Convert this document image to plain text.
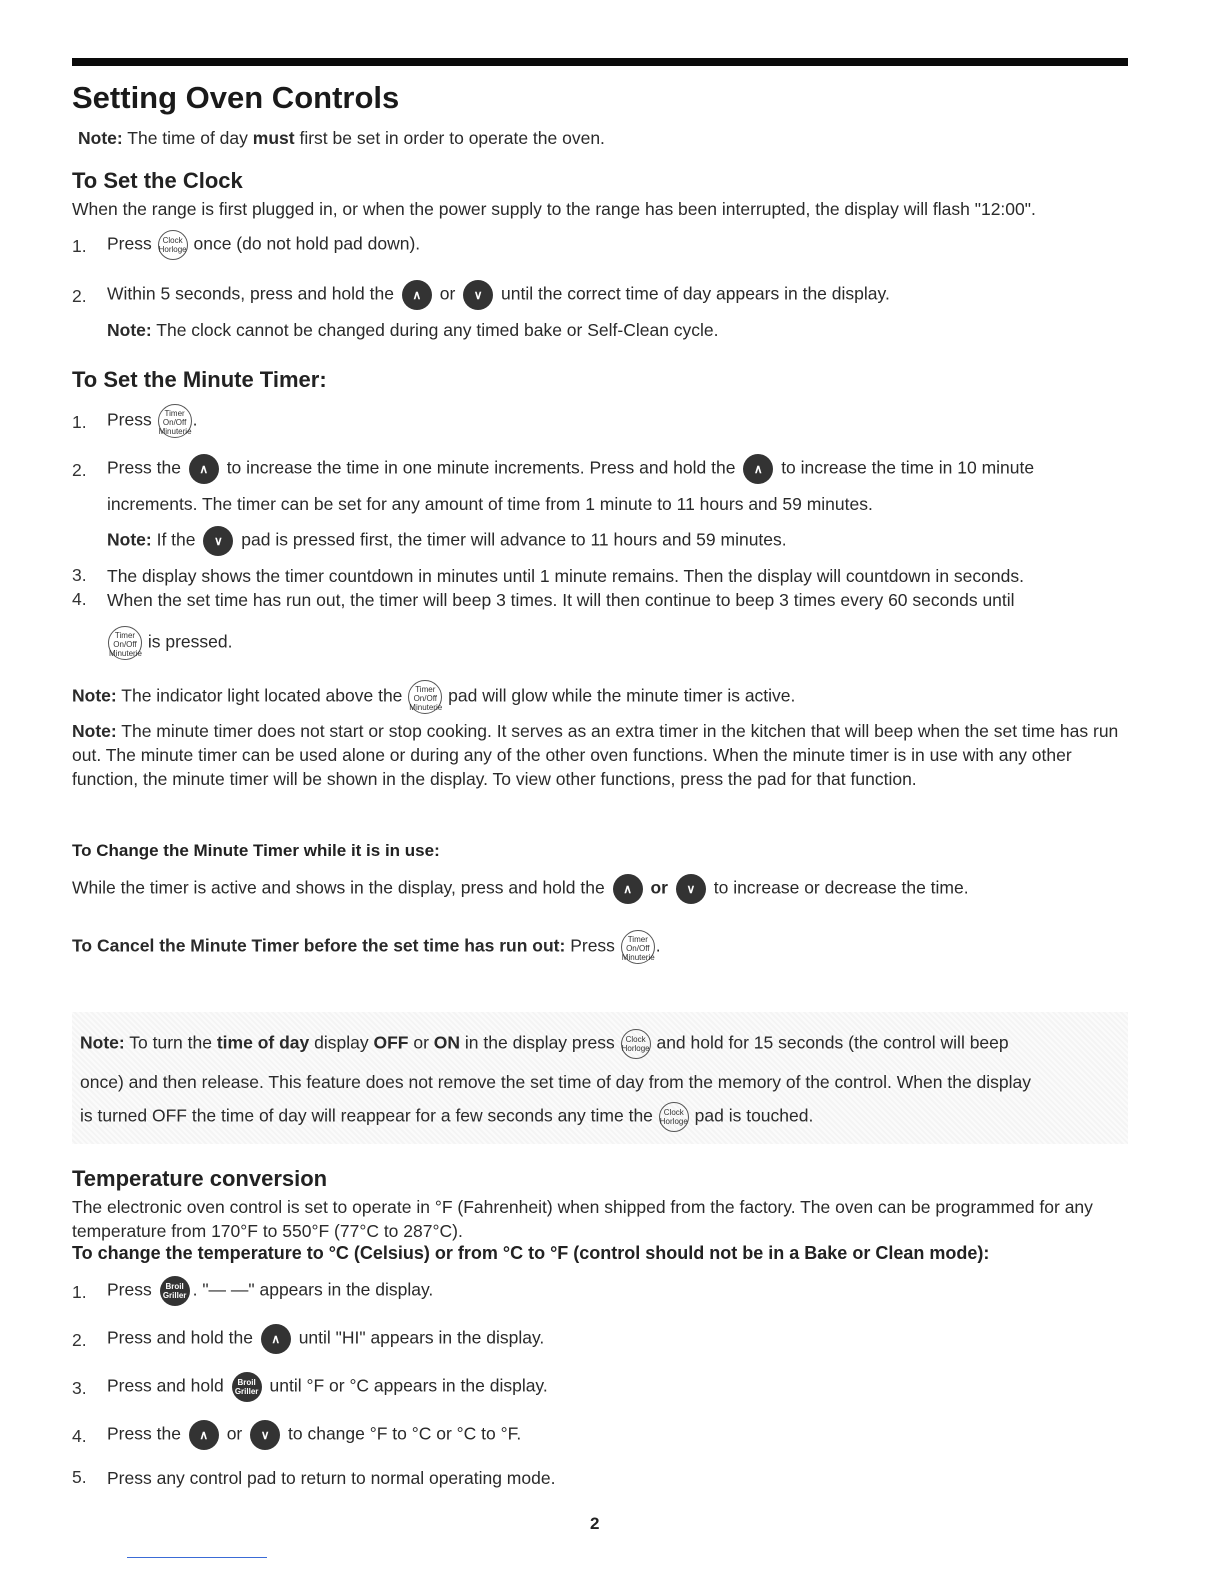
Setting Oven Controls

Note: The time of day must first be set in order to operate the oven.

To Set the Clock

When the range is first plugged in, or when the power supply to the range has been interrupted, the display will flash "12:00".

1. Press Clock
Horloge once (do not hold pad down).
2. Within 5 seconds, press and hold the ∧ or ∨ until the correct time of day appears in the display.

Note: The clock cannot be changed during any timed bake or Self-Clean cycle.

To Set the Minute Timer:
1. Press Timer
On/Off
Minuterie.
2. Press the ∧ to increase the time in one minute increments. Press and hold the ∧ to increase the time in 10 minute

increments. The timer can be set for any amount of time from 1 minute to 11 hours and 59 minutes.

Note: If the ∨ pad is pressed first, the timer will advance to 11 hours and 59 minutes.
3. The display shows the timer countdown in minutes until 1 minute remains. Then the display will countdown in seconds.

4. When the set time has run out, the timer will beep 3 times. It will then continue to beep 3 times every 60 seconds until

Timer
On/Off
Minuterie is pressed.
Note: The indicator light located above the Timer
On/Off
Minuterie pad will glow while the minute timer is active.

Note: The minute timer does not start or stop cooking. It serves as an extra timer in the kitchen that will beep when the set time has run out. The minute timer can be used alone or during any of the other oven functions. When the minute timer is in use with any other function, the minute timer will be shown in the display. To view other functions, press the pad for that function.

To Change the Minute Timer while it is in use:
While the timer is active and shows in the display, press and hold the ∧ or ∨ to increase or decrease the time.
To Cancel the Minute Timer before the set time has run out: Press Timer
On/Off
Minuterie.
Note: To turn the time of day display OFF or ON in the display press Clock
Horloge and hold for 15 seconds (the control will beep

once) and then release. This feature does not remove the set time of day from the memory of the control. When the display

is turned OFF the time of day will reappear for a few seconds any time the Clock
Horloge pad is touched.
Temperature conversion

The electronic oven control is set to operate in °F (Fahrenheit) when shipped from the factory. The oven can be programmed for any temperature from 170°F to 550°F (77°C to 287°C).

To change the temperature to °C (Celsius) or from °C to °F (control should not be in a Bake or Clean mode):
1. Press Broil
Griller . "— —" appears in the display.
2. Press and hold the ∧ until "HI" appears in the display.
3. Press and hold Broil
Griller until °F or °C appears in the display.
4. Press the ∧ or ∨ to change °F to °C or °C to °F.
5. Press any control pad to return to normal operating mode.

2
